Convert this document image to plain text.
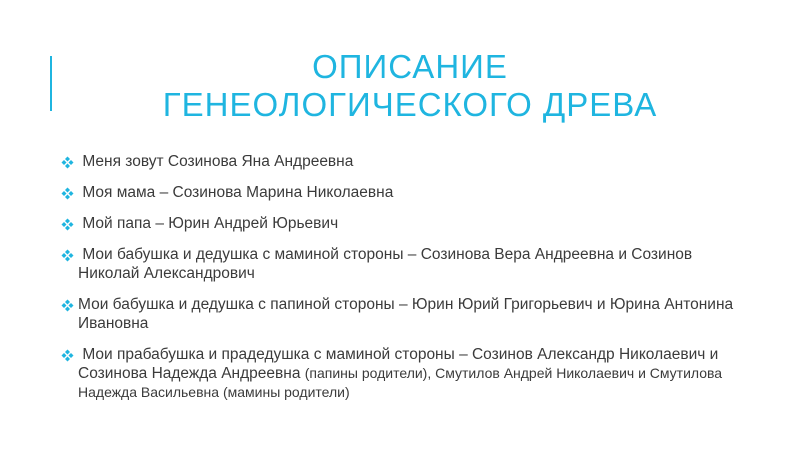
ОПИСАНИЕ
ГЕНЕОЛОГИЧЕСКОГО ДРЕВА
Меня зовут Созинова Яна Андреевна
Моя мама – Созинова Марина Николаевна
Мой папа – Юрин Андрей Юрьевич
Мои бабушка и дедушка с маминой стороны – Созинова Вера Андреевна и Созинов Николай Александрович
Мои бабушка и дедушка с папиной стороны – Юрин Юрий Григорьевич и Юрина Антонина Ивановна
Мои прабабушка и прадедушка с маминой стороны – Созинов Александр Николаевич и Созинова Надежда Андреевна (папины родители), Смутилов Андрей Николаевич и Смутилова Надежда Васильевна (мамины родители)
